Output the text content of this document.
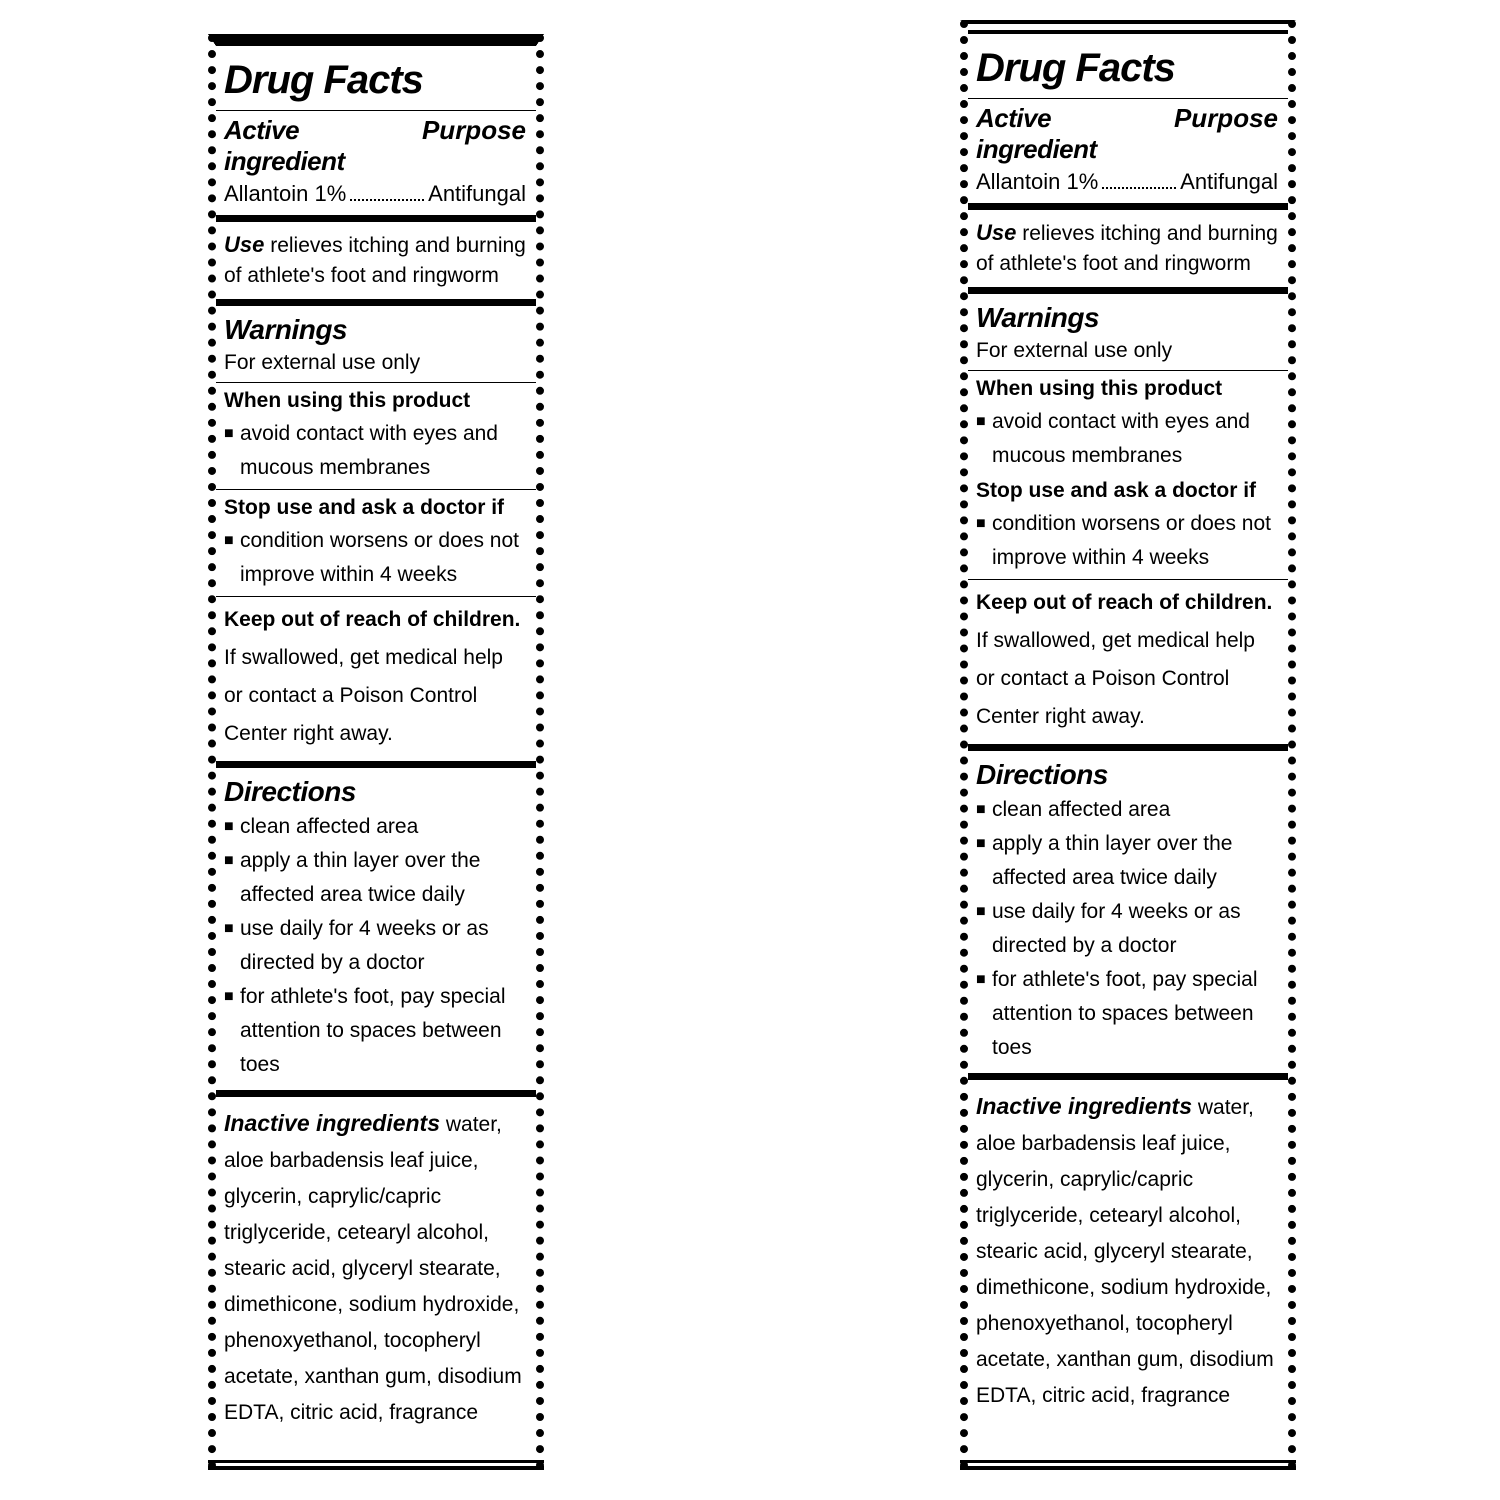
Drug Facts
Active ingredient
Purpose
Allantoin 1%	Antifungal
Use relieves itching and burning of athlete's foot and ringworm
Warnings
For external use only
When using this product
■ avoid contact with eyes and mucous membranes
Stop use and ask a doctor if
■ condition worsens or does not improve within 4 weeks
Keep out of reach of children. If swallowed, get medical help or contact a Poison Control Center right away.
Directions
■ clean affected area
■ apply a thin layer over the affected area twice daily
■ use daily for 4 weeks or as directed by a doctor
■ for athlete's foot, pay special attention to spaces between toes
Inactive ingredients water, aloe barbadensis leaf juice, glycerin, caprylic/capric triglyceride, cetearyl alcohol, stearic acid, glyceryl stearate, dimethicone, sodium hydroxide, phenoxyethanol, tocopheryl acetate, xanthan gum, disodium EDTA, citric acid, fragrance
Drug Facts
Active ingredient
Purpose
Allantoin 1%	Antifungal
Use relieves itching and burning of athlete's foot and ringworm
Warnings
For external use only
When using this product
■ avoid contact with eyes and mucous membranes
Stop use and ask a doctor if
■ condition worsens or does not improve within 4 weeks
Keep out of reach of children. If swallowed, get medical help or contact a Poison Control Center right away.
Directions
■ clean affected area
■ apply a thin layer over the affected area twice daily
■ use daily for 4 weeks or as directed by a doctor
■ for athlete's foot, pay special attention to spaces between toes
Inactive ingredients water, aloe barbadensis leaf juice, glycerin, caprylic/capric triglyceride, cetearyl alcohol, stearic acid, glyceryl stearate, dimethicone, sodium hydroxide, phenoxyethanol, tocopheryl acetate, xanthan gum, disodium EDTA, citric acid, fragrance
